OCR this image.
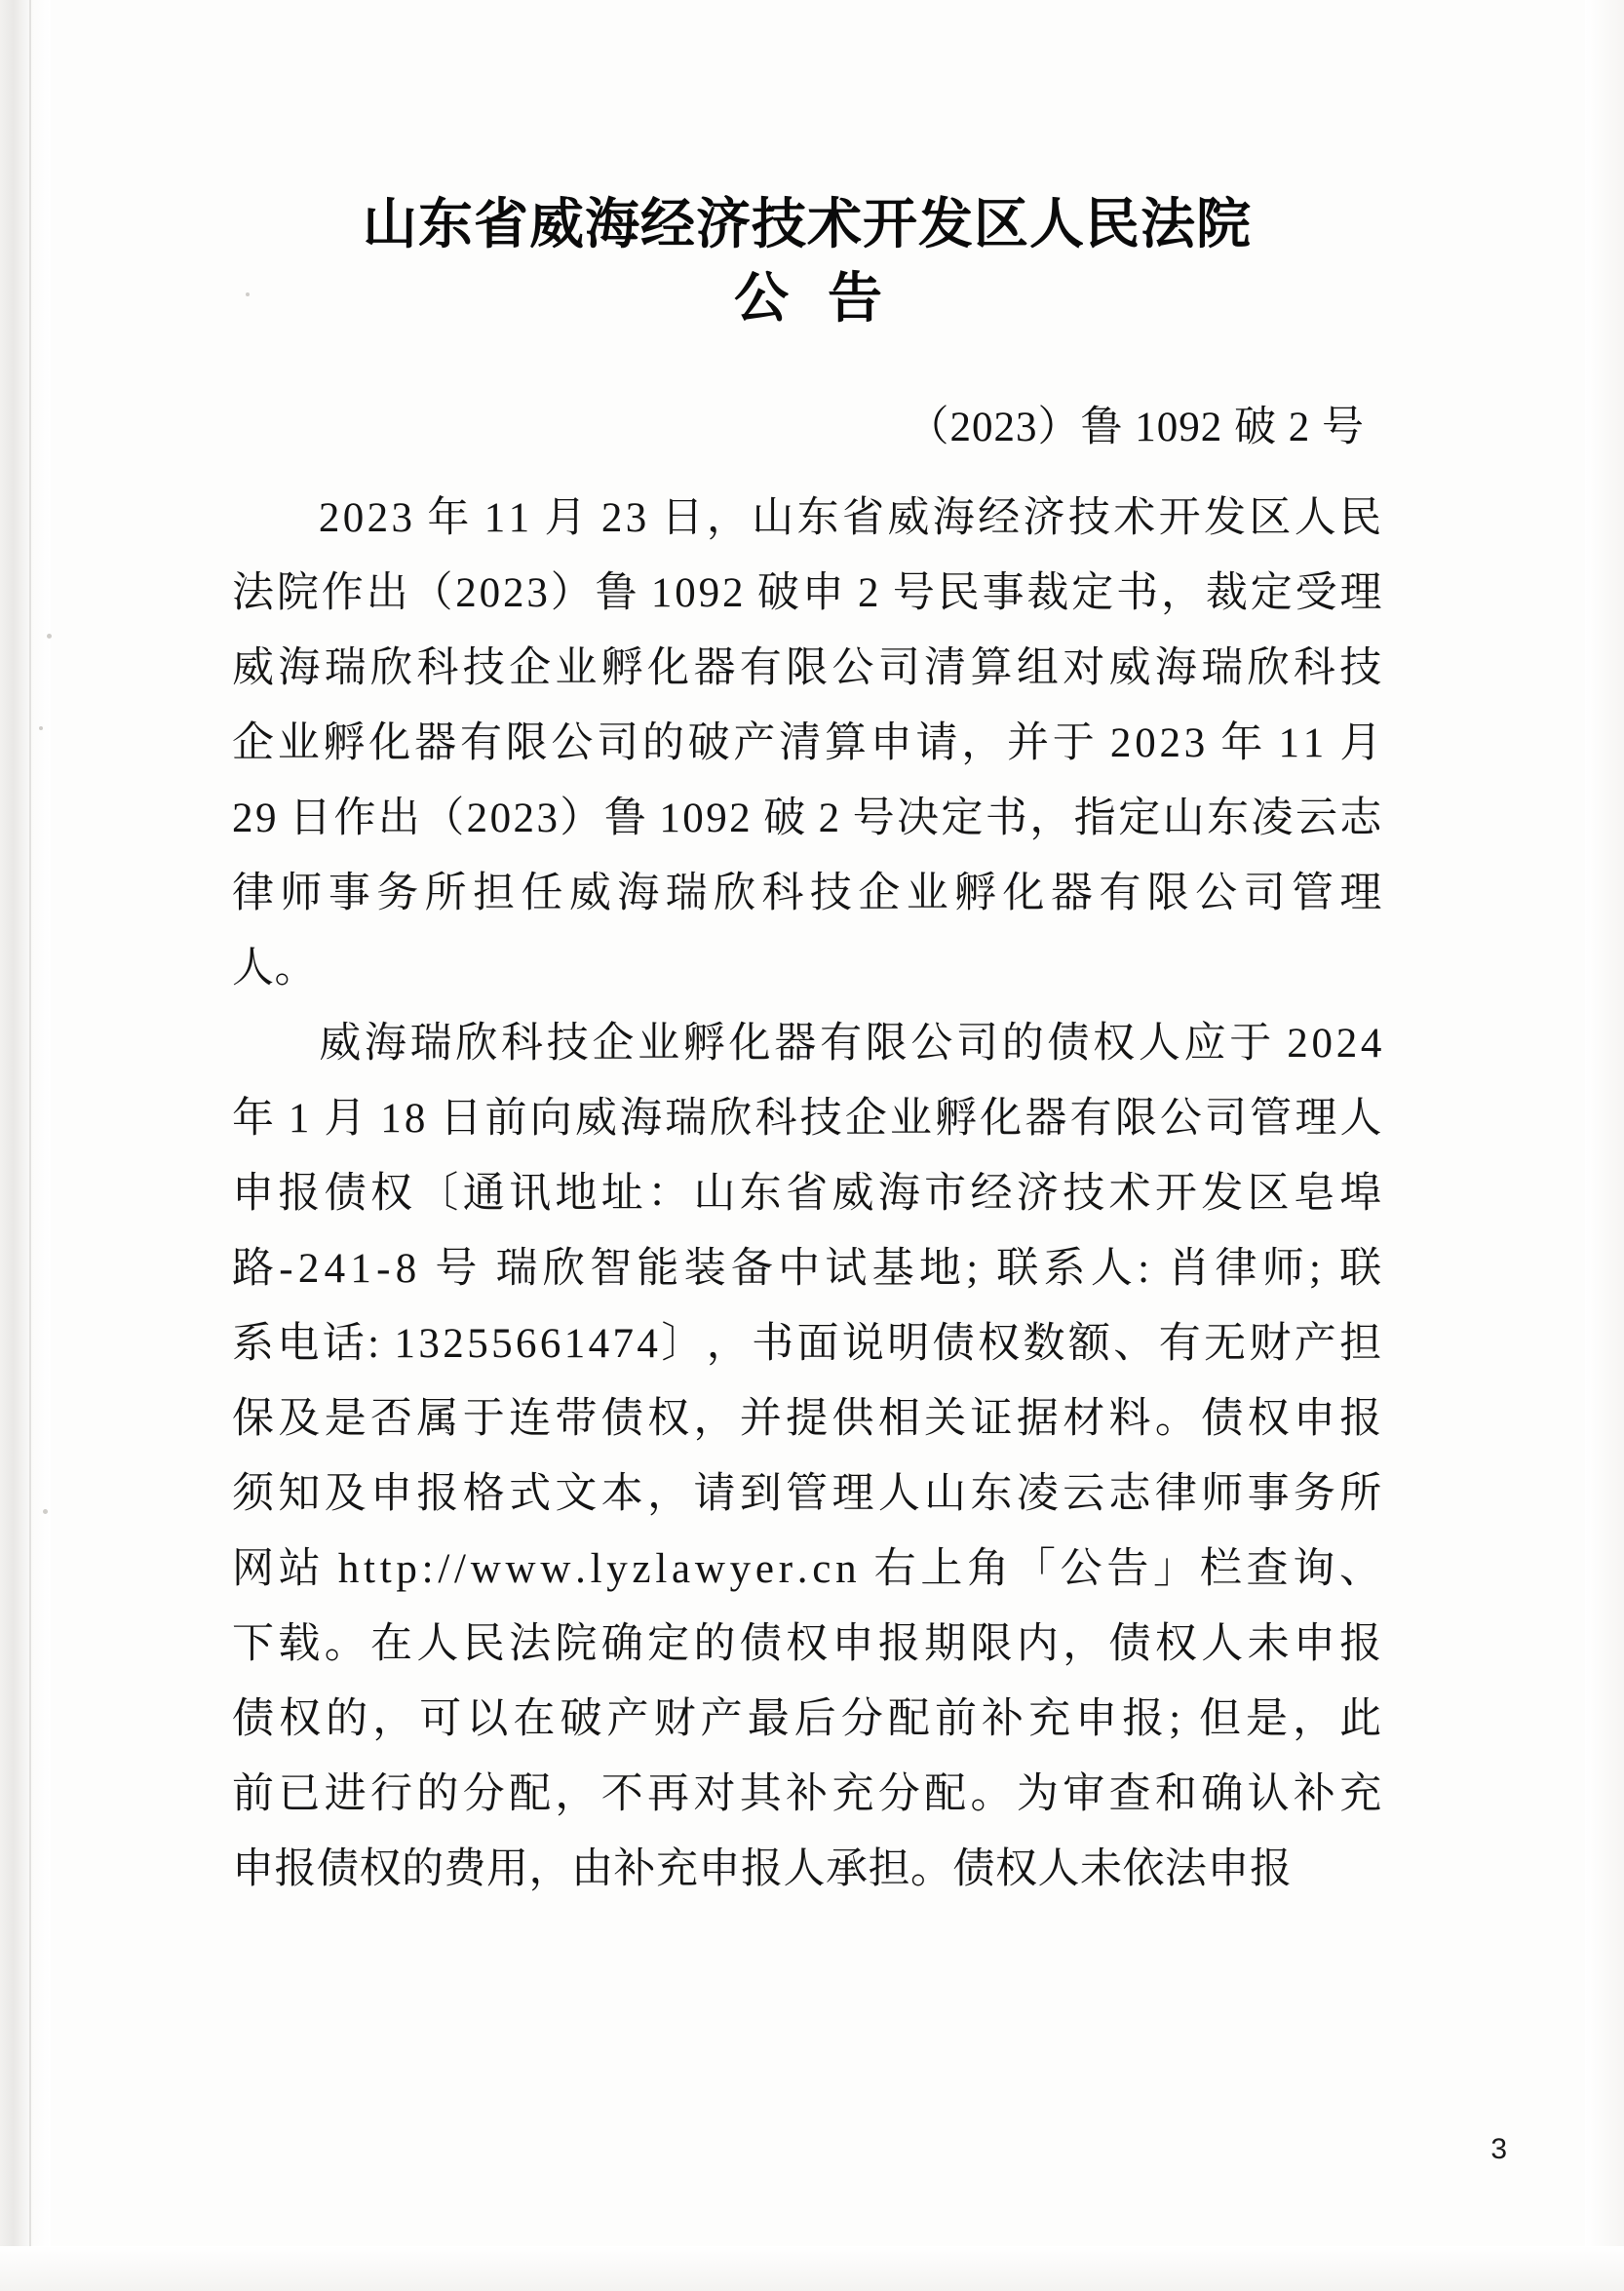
山东省威海经济技术开发区人民法院
公告
（2023）鲁 1092 破 2 号

2 0 2 3
  年
  1 1
  月
  2 3
  日 ， 山 东 省 威 海 经 济 技 术 开 发 区 人 民
法 院 作 出 （ 2 0 2 3 ） 鲁
  1 0 9 2
  破 申
  2
  号 民 事 裁 定 书 ， 裁 定 受 理
威 海 瑞 欣 科 技 企 业 孵 化 器 有 限 公 司 清 算 组 对 威 海 瑞 欣 科 技
企 业 孵 化 器 有 限 公 司 的 破 产 清 算 申 请 ， 并 于
  2 0 2 3
  年
  1 1
  月
2 9
  日 作 出 （ 2 0 2 3 ） 鲁
  1 0 9 2
  破
  2
  号 决 定 书 ， 指 定 山 东 凌 云 志
律 师 事 务 所 担 任 威 海 瑞 欣 科 技 企 业 孵 化 器 有 限 公 司 管 理
人。

威 海 瑞 欣 科 技 企 业 孵 化 器 有 限 公 司 的 债 权 人 应 于
  2 0 2 4
年
  1
  月
  1 8
  日 前 向 威 海 瑞 欣 科 技 企 业 孵 化 器 有 限 公 司 管 理 人
申 报 债 权 〔 通 讯 地 址 ： 山 东 省 威 海 市 经 济 技 术 开 发 区 皂 埠
路 - 2 4 1 - 8
  号
  瑞 欣 智 能 装 备 中 试 基 地 ;
  联 系 人 :
  肖 律 师 ;
  联
系 电 话 :
  1 3 2 5 5 6 6 1 4 7 4 〕 ， 书 面 说 明 债 权 数 额 、 有 无 财 产 担
保 及 是 否 属 于 连 带 债 权 ， 并 提 供 相 关 证 据 材 料 。 债 权 申 报
须 知 及 申 报 格 式 文 本 ， 请 到 管 理 人 山 东 凌 云 志 律 师 事 务 所
网 站
  h t t p : / / w w w . l y z l a w y e r . c n
  右 上 角 「 公 告 」 栏 查 询 、
下 载 。 在 人 民 法 院 确 定 的 债 权 申 报 期 限 内 ， 债 权 人 未 申 报
债 权 的 ， 可 以 在 破 产 财 产 最 后 分 配 前 补 充 申 报 ;
  但 是 ， 此
前 已 进 行 的 分 配 ， 不 再 对 其 补 充 分 配 。 为 审 查 和 确 认 补 充
申报债权的费用，由补充申报人承担。债权人未依法申报

3
